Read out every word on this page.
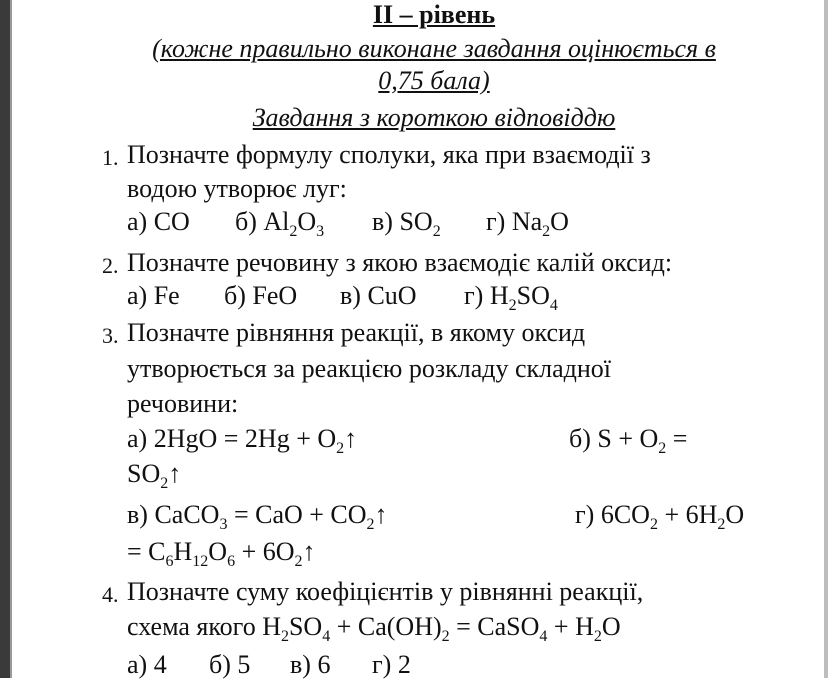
ІІ – рівень
(кожне правильно виконане завдання оцінюється в
0,75 бала)
Завдання з короткою відповіддю
1. Позначте формулу сполуки, яка при взаємодії з
водою утворює луг:
а) CO б) $Al_2O_3$ в) $SO_2$ г) $Na_2O$
2. Позначте речовину з якою взаємодіє калій оксид:
а) Fe б) FeO в) CuO г) $H_2SO_4$
3. Позначте рівняння реакції, в якому оксид
утворюється за реакцією розкладу складної
речовини:
а) $2HgO = 2Hg + O_2↑$	б) $S + O_2$ =
$SO_2↑$
в) CaCO$_3$ = CaO + $CO_2↑$	г) $6CO_2 + 6H_2O$
= $C_6H_{12}O_6$ + $6O_2↑$
4. Позначте суму коефіцієнтів у рівнянні реакції,
схема якого $H_2SO_4 + Ca(OH)_2$ = CaSO$_4$ + $H_2O$
а) 4 б) 5 в) 6 г) 2
